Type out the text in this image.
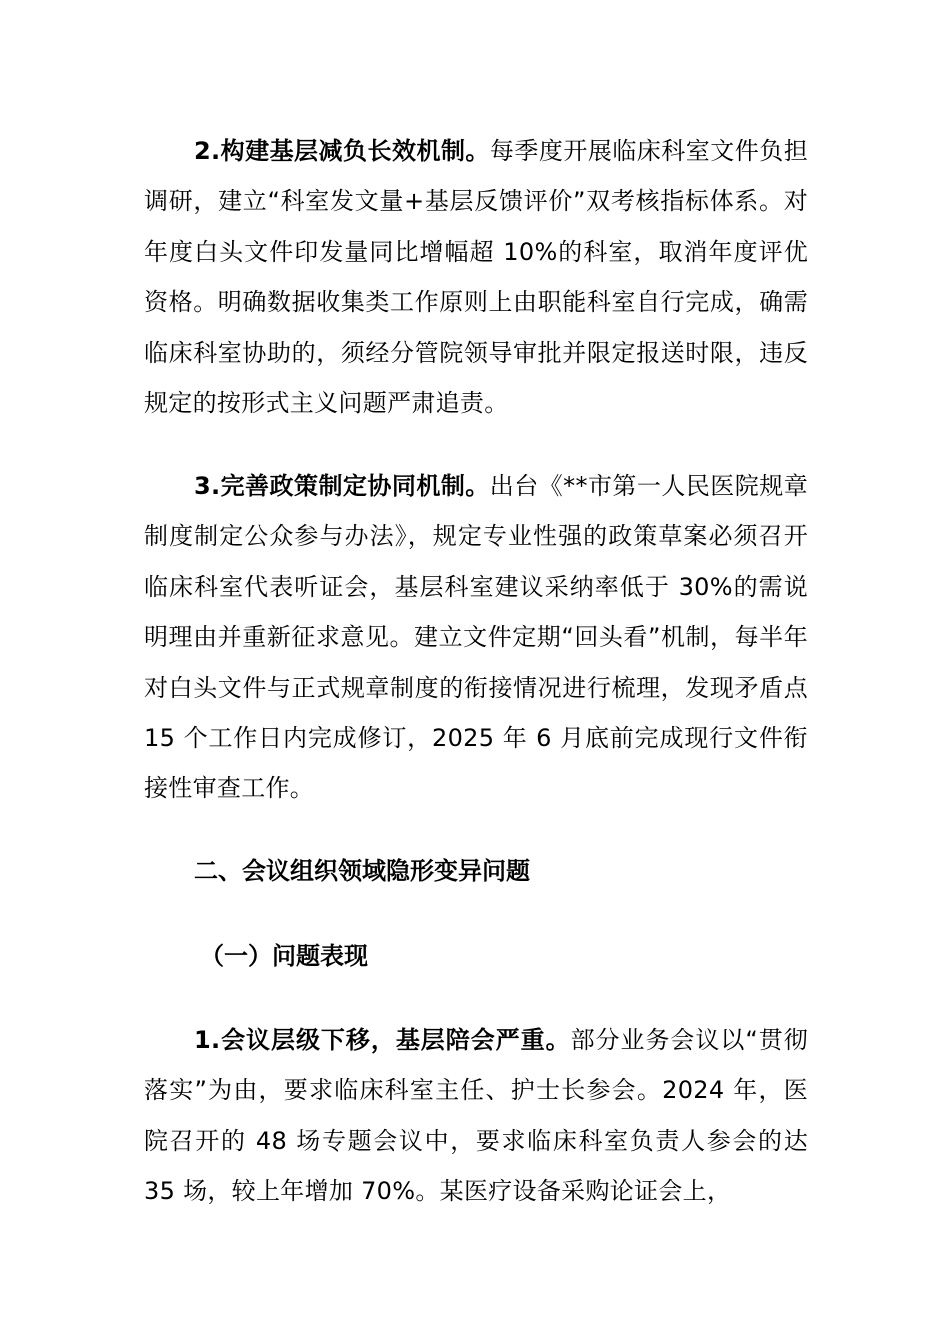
2.构建基层减负长效机制。每季度开展临床科室文件负担调研，建立“科室发文量+基层反馈评价”双考核指标体系。对年度白头文件印发量同比增幅超 10%的科室，取消年度评优资格。明确数据收集类工作原则上由职能科室自行完成，确需临床科室协助的，须经分管院领导审批并限定报送时限，违反规定的按形式主义问题严肃追责。

3.完善政策制定协同机制。出台《**市第一人民医院规章制度制定公众参与办法》，规定专业性强的政策草案必须召开临床科室代表听证会，基层科室建议采纳率低于 30%的需说明理由并重新征求意见。建立文件定期“回头看”机制，每半年对白头文件与正式规章制度的衔接情况进行梳理，发现矛盾点 15 个工作日内完成修订，2025 年 6 月底前完成现行文件衔接性审查工作。

二、会议组织领域隐形变异问题
（一）问题表现

1.会议层级下移，基层陪会严重。部分业务会议以“贯彻落实”为由，要求临床科室主任、护士长参会。2024 年，医院召开的 48 场专题会议中，要求临床科室负责人参会的达 35 场，较上年增加 70%。某医疗设备采购论证会上，
